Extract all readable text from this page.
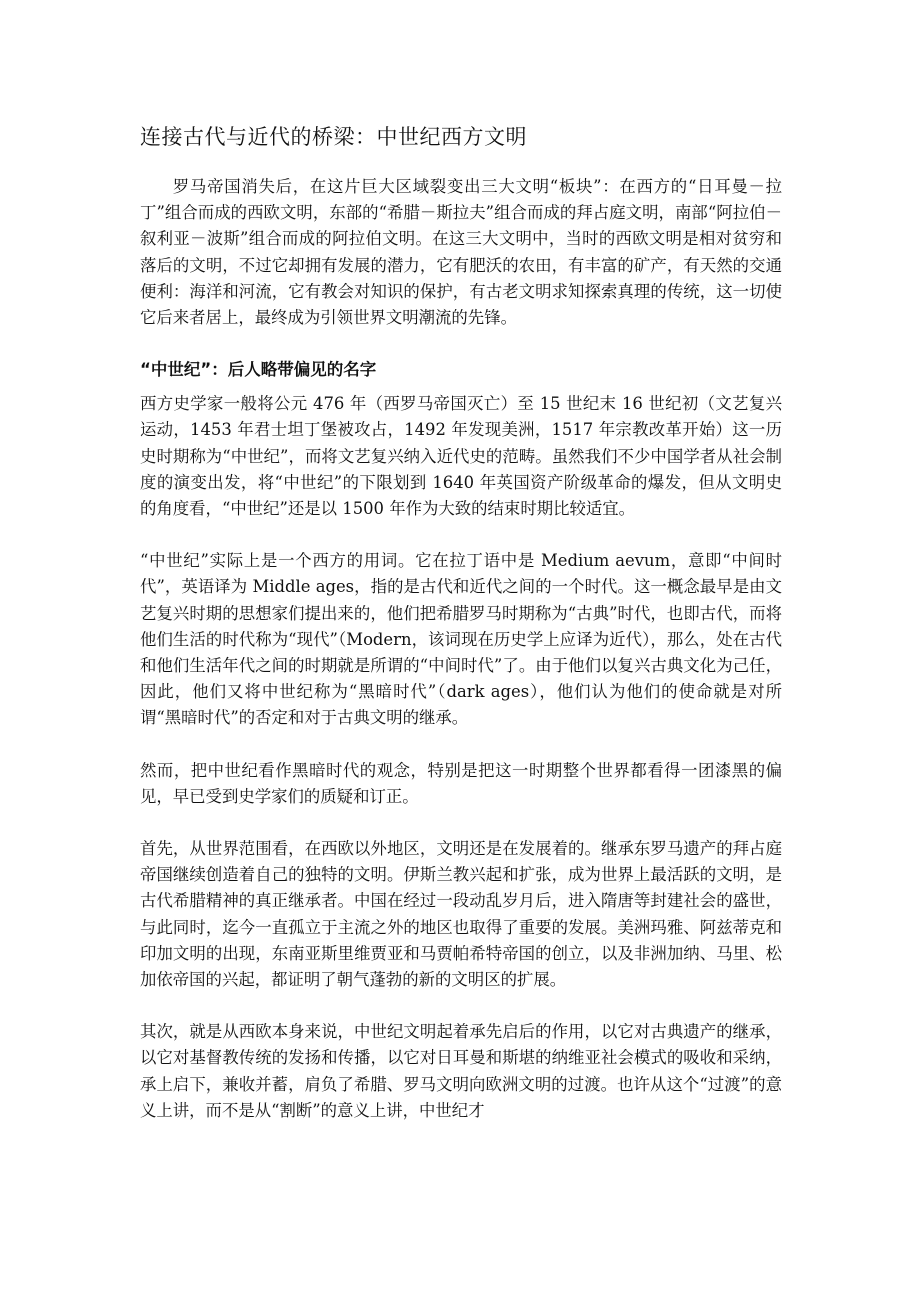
连接古代与近代的桥梁：中世纪西方文明

罗马帝国消失后，在这片巨大区域裂变出三大文明“板块”：在西方的“日耳曼－拉丁”组合而成的西欧文明，东部的“希腊－斯拉夫”组合而成的拜占庭文明，南部“阿拉伯－叙利亚－波斯”组合而成的阿拉伯文明。在这三大文明中，当时的西欧文明是相对贫穷和落后的文明，不过它却拥有发展的潜力，它有肥沃的农田，有丰富的矿产，有天然的交通便利：海洋和河流，它有教会对知识的保护，有古老文明求知探索真理的传统，这一切使它后来者居上，最终成为引领世界文明潮流的先锋。

“中世纪”：后人略带偏见的名字

西方史学家一般将公元 476 年（西罗马帝国灭亡）至 15 世纪末 16 世纪初（文艺复兴运动，1453 年君士坦丁堡被攻占，1492 年发现美洲，1517 年宗教改革开始）这一历史时期称为“中世纪”，而将文艺复兴纳入近代史的范畴。虽然我们不少中国学者从社会制度的演变出发，将“中世纪”的下限划到 1640 年英国资产阶级革命的爆发，但从文明史的角度看，“中世纪”还是以 1500 年作为大致的结束时期比较适宜。

“中世纪”实际上是一个西方的用词。它在拉丁语中是 Medium aevum，意即“中间时代”，英语译为 Middle ages，指的是古代和近代之间的一个时代。这一概念最早是由文艺复兴时期的思想家们提出来的，他们把希腊罗马时期称为“古典”时代，也即古代，而将他们生活的时代称为“现代”（Modern，该词现在历史学上应译为近代），那么，处在古代和他们生活年代之间的时期就是所谓的“中间时代”了。由于他们以复兴古典文化为己任，因此，他们又将中世纪称为“黑暗时代”（dark ages），他们认为他们的使命就是对所谓“黑暗时代”的否定和对于古典文明的继承。

然而，把中世纪看作黑暗时代的观念，特别是把这一时期整个世界都看得一团漆黑的偏见，早已受到史学家们的质疑和订正。

首先，从世界范围看，在西欧以外地区，文明还是在发展着的。继承东罗马遗产的拜占庭帝国继续创造着自己的独特的文明。伊斯兰教兴起和扩张，成为世界上最活跃的文明，是古代希腊精神的真正继承者。中国在经过一段动乱岁月后，进入隋唐等封建社会的盛世，与此同时，迄今一直孤立于主流之外的地区也取得了重要的发展。美洲玛雅、阿兹蒂克和印加文明的出现，东南亚斯里维贾亚和马贾帕希特帝国的创立，以及非洲加纳、马里、松加依帝国的兴起，都证明了朝气蓬勃的新的文明区的扩展。

其次，就是从西欧本身来说，中世纪文明起着承先启后的作用，以它对古典遗产的继承，以它对基督教传统的发扬和传播，以它对日耳曼和斯堪的纳维亚社会模式的吸收和采纳，承上启下，兼收并蓄，肩负了希腊、罗马文明向欧洲文明的过渡。也许从这个“过渡”的意义上讲，而不是从“割断”的意义上讲，中世纪才
